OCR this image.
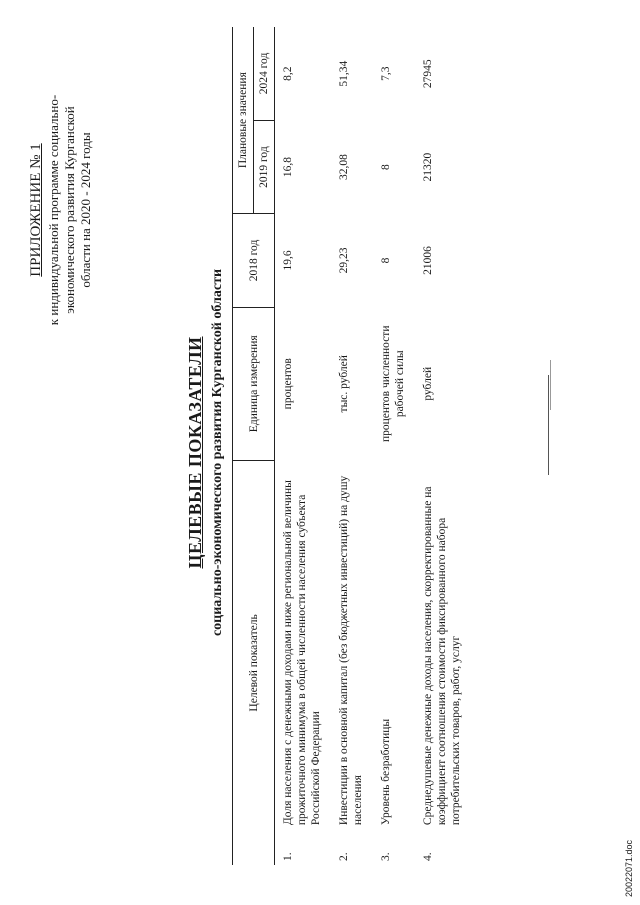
ПРИЛОЖЕНИЕ № 1 к индивидуальной программе социально- экономического развития Курганской области на 2020 - 2024 годы
ЦЕЛЕВЫЕ ПОКАЗАТЕЛИ социально-экономического развития Курганской области
Целевой показатель		Единица измерения	2018 год	Плановые значения	
				2019 год	2024 год
1.	Доля населения с денежными доходами ниже региональной величины прожиточного минимума в общей численности населения субъекта Российской Федерации	процентов	19,6	16,8	8,2
2.	Инвестиции в основной капитал (без бюджетных инвестиций) на душу населения	тыс. рублей	29,23	32,08	51,34
3.	Уровень безработицы	процентов численности рабочей силы	8	8	7,3
4.	Среднедушевые денежные доходы населения, скорректированные на коэффициент соотношения стоимости фиксированного набора потребительских товаров, работ, услуг	рублей	21006	21320	27945
20022071.doc
